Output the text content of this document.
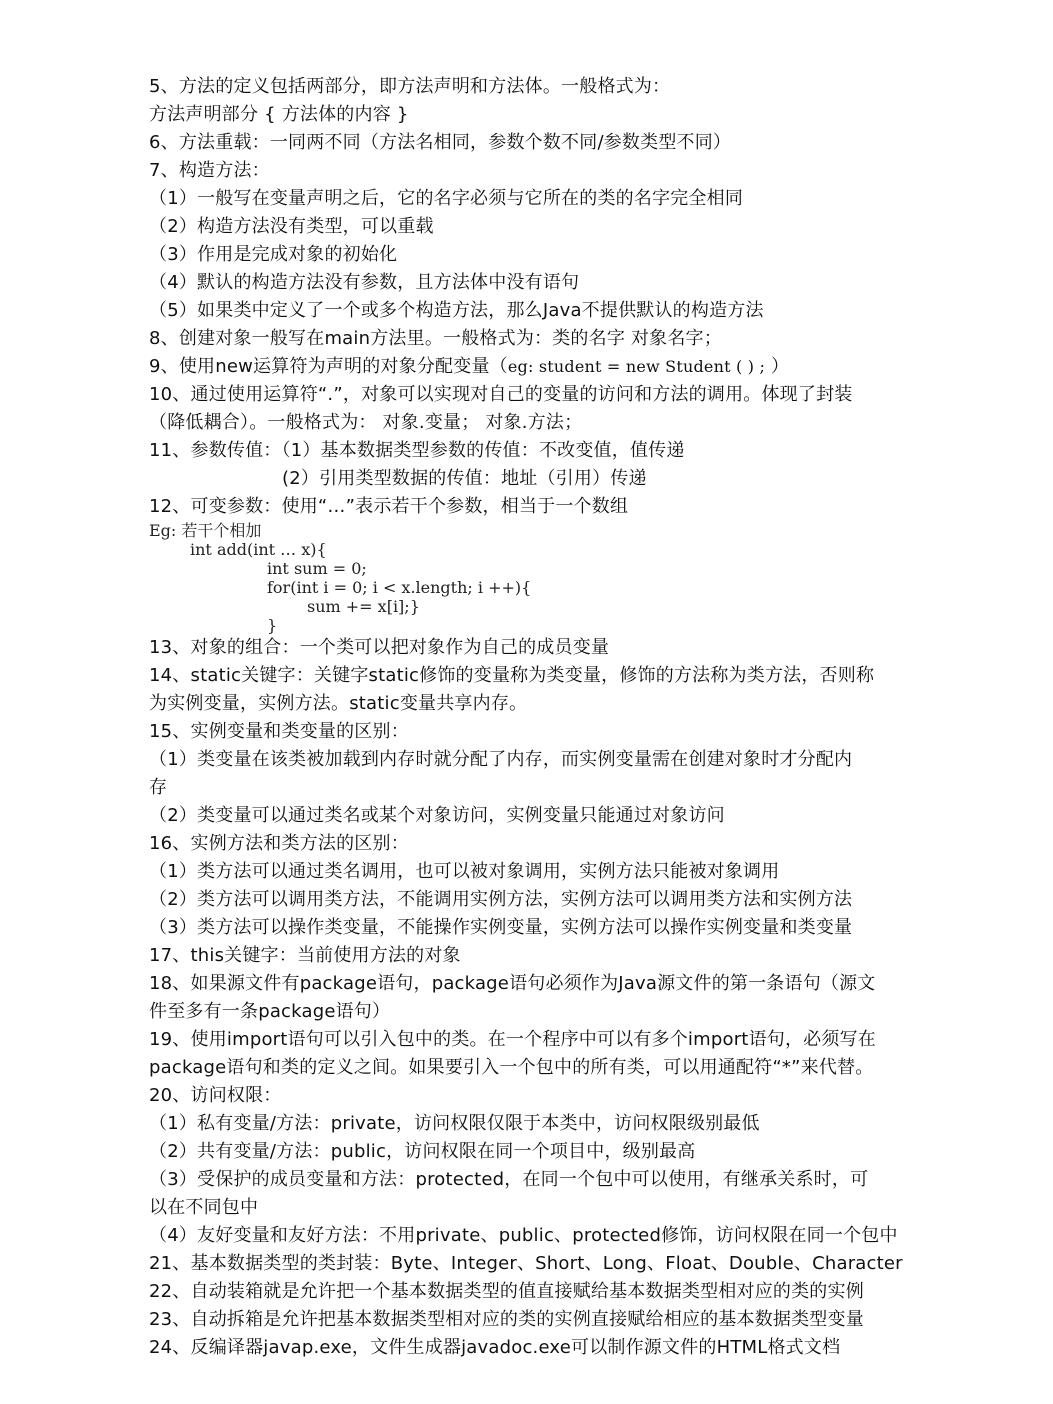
5、方法的定义包括两部分，即方法声明和方法体。一般格式为：
方法声明部分 { 方法体的内容 }
6、方法重载：一同两不同（方法名相同，参数个数不同/参数类型不同）
7、构造方法：
（1）一般写在变量声明之后，它的名字必须与它所在的类的名字完全相同
（2）构造方法没有类型，可以重载
（3）作用是完成对象的初始化
（4）默认的构造方法没有参数，且方法体中没有语句
（5）如果类中定义了一个或多个构造方法，那么Java不提供默认的构造方法
8、创建对象一般写在main方法里。一般格式为：类的名字 对象名字；
9、使用new运算符为声明的对象分配变量（eg: student = new Student ( ) ; ）
10、通过使用运算符“.”，对象可以实现对自己的变量的访问和方法的调用。体现了封装
（降低耦合）。一般格式为： 对象.变量； 对象.方法；
11、参数传值：（1）基本数据类型参数的传值：不改变值，值传递
(2）引用类型数据的传值：地址（引用）传递
12、可变参数：使用“…”表示若干个参数，相当于一个数组
Eg: 若干个相加
int add(int … x){
int sum = 0;
for(int i = 0; i < x.length; i ++){
sum += x[i];}
}
13、对象的组合：一个类可以把对象作为自己的成员变量
14、static关键字：关键字static修饰的变量称为类变量，修饰的方法称为类方法，否则称
为实例变量，实例方法。static变量共享内存。
15、实例变量和类变量的区别：
（1）类变量在该类被加载到内存时就分配了内存，而实例变量需在创建对象时才分配内
存
（2）类变量可以通过类名或某个对象访问，实例变量只能通过对象访问
16、实例方法和类方法的区别：
（1）类方法可以通过类名调用，也可以被对象调用，实例方法只能被对象调用
（2）类方法可以调用类方法，不能调用实例方法，实例方法可以调用类方法和实例方法
（3）类方法可以操作类变量，不能操作实例变量，实例方法可以操作实例变量和类变量
17、this关键字：当前使用方法的对象
18、如果源文件有package语句，package语句必须作为Java源文件的第一条语句（源文
件至多有一条package语句）
19、使用import语句可以引入包中的类。在一个程序中可以有多个import语句，必须写在
package语句和类的定义之间。如果要引入一个包中的所有类，可以用通配符“*”来代替。
20、访问权限：
（1）私有变量/方法：private，访问权限仅限于本类中，访问权限级别最低
（2）共有变量/方法：public，访问权限在同一个项目中，级别最高
（3）受保护的成员变量和方法：protected，在同一个包中可以使用，有继承关系时，可
以在不同包中
（4）友好变量和友好方法：不用private、public、protected修饰，访问权限在同一个包中
21、基本数据类型的类封装：Byte、Integer、Short、Long、Float、Double、Character
22、自动装箱就是允许把一个基本数据类型的值直接赋给基本数据类型相对应的类的实例
23、自动拆箱是允许把基本数据类型相对应的类的实例直接赋给相应的基本数据类型变量
24、反编译器javap.exe，文件生成器javadoc.exe可以制作源文件的HTML格式文档
